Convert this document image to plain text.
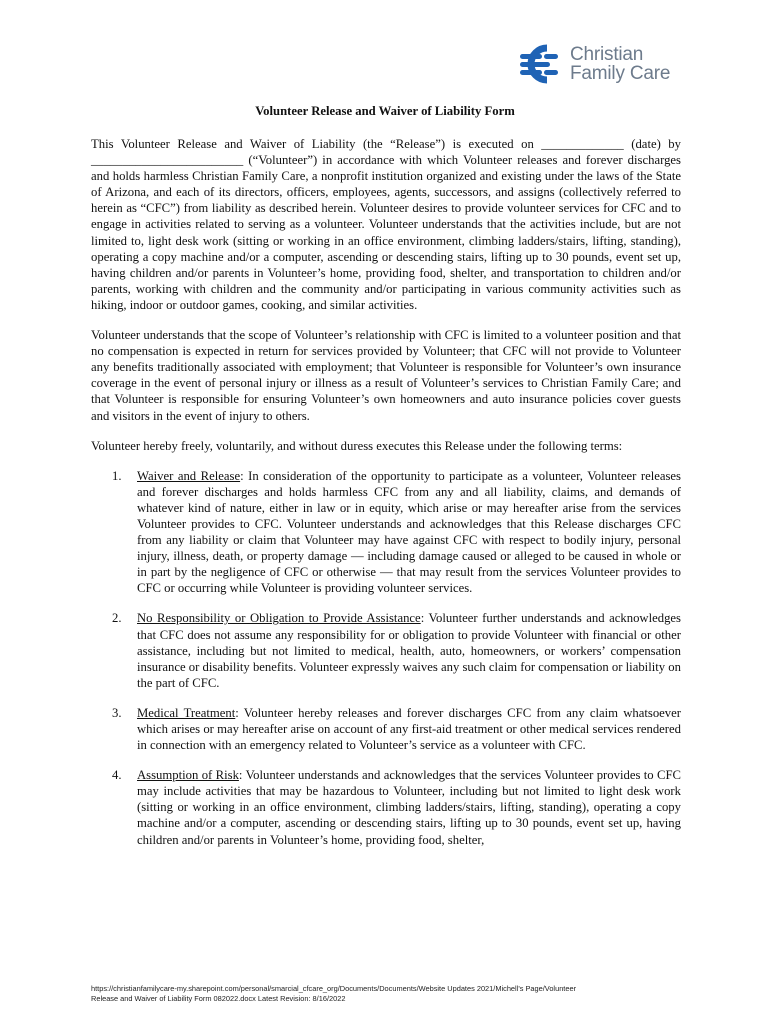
Christian
Family Care
Volunteer Release and Waiver of Liability Form

This Volunteer Release and Waiver of Liability (the “Release”) is executed on _____________ (date) by ________________________ (“Volunteer”) in accordance with which Volunteer releases and forever discharges and holds harmless Christian Family Care, a nonprofit institution organized and existing under the laws of the State of Arizona, and each of its directors, officers, employees, agents, successors, and assigns (collectively referred to herein as “CFC”) from liability as described herein. Volunteer desires to provide volunteer services for CFC and to engage in activities related to serving as a volunteer. Volunteer understands that the activities include, but are not limited to, light desk work (sitting or working in an office environment, climbing ladders/stairs, lifting, standing), operating a copy machine and/or a computer, ascending or descending stairs, lifting up to 30 pounds, event set up, having children and/or parents in Volunteer’s home, providing food, shelter, and transportation to children and/or parents, working with children and the community and/or participating in various community activities such as hiking, indoor or outdoor games, cooking, and similar activities.

Volunteer understands that the scope of Volunteer’s relationship with CFC is limited to a volunteer position and that no compensation is expected in return for services provided by Volunteer; that CFC will not provide to Volunteer any benefits traditionally associated with employment; that Volunteer is responsible for Volunteer’s own insurance coverage in the event of personal injury or illness as a result of Volunteer’s services to Christian Family Care; and that Volunteer is responsible for ensuring Volunteer’s own homeowners and auto insurance policies cover guests and visitors in the event of injury to others.

Volunteer hereby freely, voluntarily, and without duress executes this Release under the following terms:

1. Waiver and Release: In consideration of the opportunity to participate as a volunteer, Volunteer releases and forever discharges and holds harmless CFC from any and all liability, claims, and demands of whatever kind of nature, either in law or in equity, which arise or may hereafter arise from the services Volunteer provides to CFC. Volunteer understands and acknowledges that this Release discharges CFC from any liability or claim that Volunteer may have against CFC with respect to bodily injury, personal injury, illness, death, or property damage — including damage caused or alleged to be caused in whole or in part by the negligence of CFC or otherwise — that may result from the services Volunteer provides to CFC or occurring while Volunteer is providing volunteer services.
2. No Responsibility or Obligation to Provide Assistance: Volunteer further understands and acknowledges that CFC does not assume any responsibility for or obligation to provide Volunteer with financial or other assistance, including but not limited to medical, health, auto, homeowners, or workers’ compensation insurance or disability benefits. Volunteer expressly waives any such claim for compensation or liability on the part of CFC.
3. Medical Treatment: Volunteer hereby releases and forever discharges CFC from any claim whatsoever which arises or may hereafter arise on account of any first-aid treatment or other medical services rendered in connection with an emergency related to Volunteer’s service as a volunteer with CFC.
4. Assumption of Risk: Volunteer understands and acknowledges that the services Volunteer provides to CFC may include activities that may be hazardous to Volunteer, including but not limited to light desk work (sitting or working in an office environment, climbing ladders/stairs, lifting, standing), operating a copy machine and/or a computer, ascending or descending stairs, lifting up to 30 pounds, event set up, having children and/or parents in Volunteer’s home, providing food, shelter,
https://christianfamilycare-my.sharepoint.com/personal/smarcial_cfcare_org/Documents/Documents/Website Updates 2021/Michell's Page/Volunteer
Release and Waiver of Liability Form 082022.docx Latest Revision: 8/16/2022
